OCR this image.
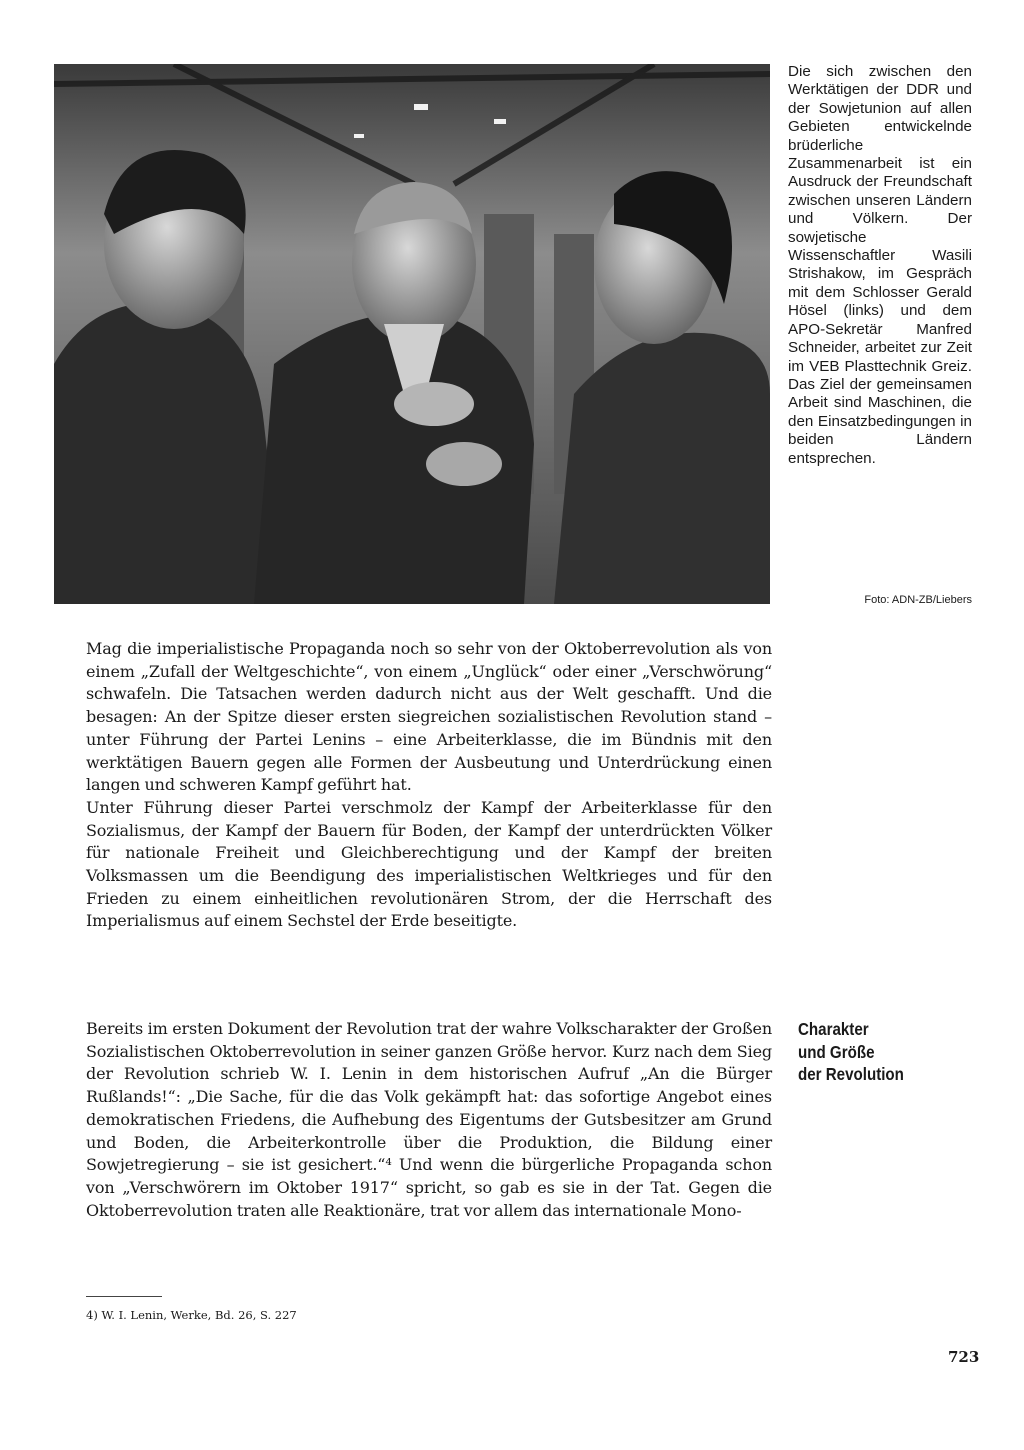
Die sich zwischen den Werktätigen der DDR und der Sowjetunion auf allen Gebieten entwickelnde brüderliche Zusammenarbeit ist ein Ausdruck der Freundschaft zwischen unseren Ländern und Völkern. Der sowjetische Wissenschaftler Wasili Strishakow, im Gespräch mit dem Schlosser Gerald Hösel (links) und dem APO-Sekretär Manfred Schneider, arbeitet zur Zeit im VEB Plasttechnik Greiz. Das Ziel der gemeinsamen Arbeit sind Maschinen, die den Einsatzbedingungen in beiden Ländern entsprechen.
Foto: ADN-ZB/Liebers

Mag die imperialistische Propaganda noch so sehr von der Oktoberrevolution als von einem „Zufall der Weltgeschichte“, von einem „Unglück“ oder einer „Verschwörung“ schwafeln. Die Tatsachen werden dadurch nicht aus der Welt geschafft. Und die besagen: An der Spitze dieser ersten siegreichen sozialistischen Revolution stand – unter Führung der Partei Lenins – eine Arbeiterklasse, die im Bündnis mit den werktätigen Bauern gegen alle Formen der Ausbeutung und Unterdrückung einen langen und schweren Kampf geführt hat.

Unter Führung dieser Partei verschmolz der Kampf der Arbeiterklasse für den Sozialismus, der Kampf der Bauern für Boden, der Kampf der unterdrückten Völker für nationale Freiheit und Gleichberechtigung und der Kampf der breiten Volksmassen um die Beendigung des imperialistischen Weltkrieges und für den Frieden zu einem einheitlichen revolutionären Strom, der die Herrschaft des Imperialismus auf einem Sechstel der Erde beseitigte.

Bereits im ersten Dokument der Revolution trat der wahre Volkscharakter der Großen Sozialistischen Oktoberrevolution in seiner ganzen Größe hervor. Kurz nach dem Sieg der Revolution schrieb W. I. Lenin in dem historischen Aufruf „An die Bürger Rußlands!“: „Die Sache, für die das Volk gekämpft hat: das sofortige Angebot eines demokratischen Friedens, die Aufhebung des Eigentums der Gutsbesitzer am Grund und Boden, die Arbeiterkontrolle über die Produktion, die Bildung einer Sowjetregierung – sie ist gesichert.“⁴ Und wenn die bürgerliche Propaganda schon von „Verschwörern im Oktober 1917“ spricht, so gab es sie in der Tat. Gegen die Oktoberrevolution traten alle Reaktionäre, trat vor allem das internationale Mono-

Charakter
und Größe
der Revolution
4) W. I. Lenin, Werke, Bd. 26, S. 227
723
